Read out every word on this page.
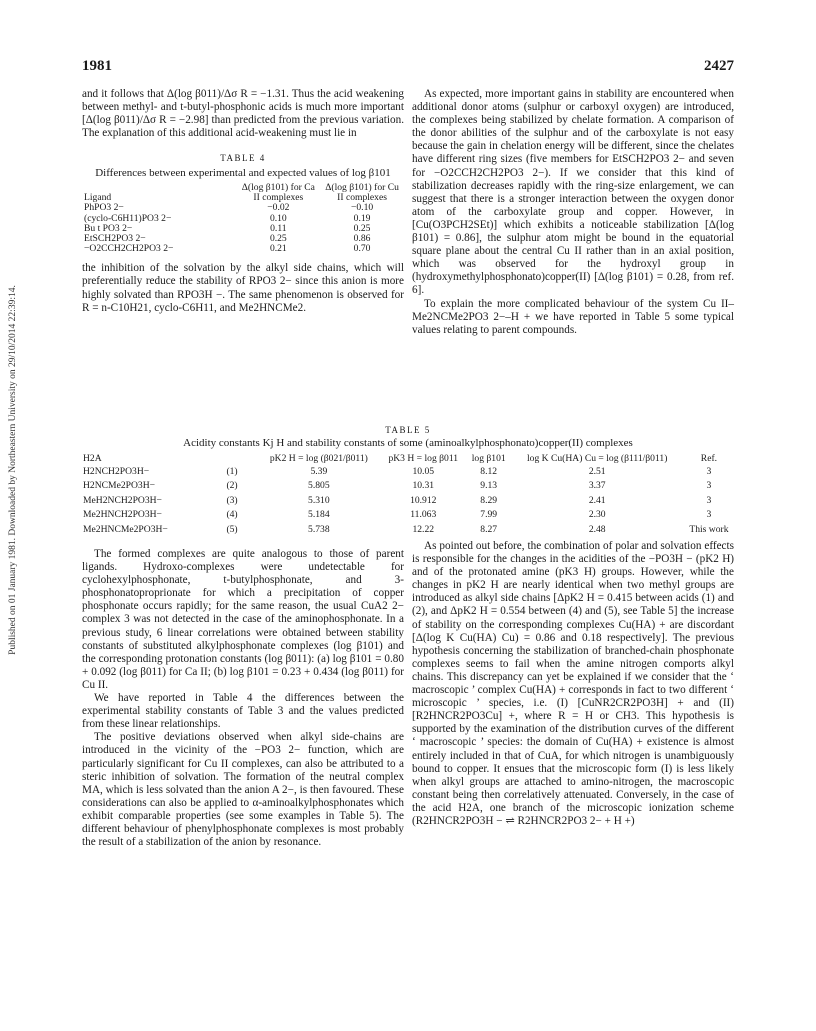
Published on 01 January 1981. Downloaded by Northeastern University on 29/10/2014 22:39:14.
1981	2427

and it follows that Δ(log β011)/Δσ R = −1.31. Thus the acid weakening between methyl- and t-butyl-phosphonic acids is much more important [Δ(log β011)/Δσ R = −2.98] than predicted from the previous variation. The explanation of this additional acid-weakening must lie in

TABLE 4
Differences between experimental and expected values of log β101
Ligand	Δ(log β101) for Ca II complexes	Δ(log β101) for Cu II complexes
PhPO3 2−	−0.02	−0.10
(cyclo-C6H11)PO3 2−	0.10	0.19
Bu t PO3 2−	0.11	0.25
EtSCH2PO3 2−	0.25	0.86
−O2CCH2CH2PO3 2−	0.21	0.70

the inhibition of the solvation by the alkyl side chains, which will preferentially reduce the stability of RPO3 2− since this anion is more highly solvated than RPO3H −. The same phenomenon is observed for R = n-C10H21, cyclo-C6H11, and Me2HNCMe2.

As expected, more important gains in stability are encountered when additional donor atoms (sulphur or carboxyl oxygen) are introduced, the complexes being stabilized by chelate formation. A comparison of the donor abilities of the sulphur and of the carboxylate is not easy because the gain in chelation energy will be different, since the chelates have different ring sizes (five members for EtSCH2PO3 2− and seven for −O2CCH2CH2PO3 2−). If we consider that this kind of stabilization decreases rapidly with the ring-size enlargement, we can suggest that there is a stronger interaction between the oxygen donor atom of the carboxylate group and copper. However, in [Cu(O3PCH2SEt)] which exhibits a noticeable stabilization [Δ(log β101) = 0.86], the sulphur atom might be bound in the equatorial square plane about the central Cu II rather than in an axial position, which was observed for the hydroxyl group in (hydroxymethylphosphonato)copper(II) [Δ(log β101) = 0.28, from ref. 6].

To explain the more complicated behaviour of the system Cu II–Me2NCMe2PO3 2−–H + we have reported in Table 5 some typical values relating to parent compounds.

TABLE 5
Acidity constants Kj H and stability constants of some (aminoalkylphosphonato)copper(II) complexes
H2A		pK2 H = log (β021/β011)	pK3 H = log β011	log β101	log K Cu(HA) Cu = log (β111/β011)	Ref.
H2NCH2PO3H−	(1)	5.39	10.05	8.12	2.51	3
H2NCMe2PO3H−	(2)	5.805	10.31	9.13	3.37	3
MeH2NCH2PO3H−	(3)	5.310	10.912	8.29	2.41	3
Me2HNCH2PO3H−	(4)	5.184	11.063	7.99	2.30	3
Me2HNCMe2PO3H−	(5)	5.738	12.22	8.27	2.48	This work

The formed complexes are quite analogous to those of parent ligands. Hydroxo-complexes were undetectable for cyclohexylphosphonate, t-butylphosphonate, and 3-phosphonatoproprionate for which a precipitation of copper phosphonate occurs rapidly; for the same reason, the usual CuA2 2− complex 3 was not detected in the case of the aminophosphonate. In a previous study, 6 linear correlations were obtained between stability constants of substituted alkylphosphonate complexes (log β101) and the corresponding protonation constants (log β011): (a) log β101 = 0.80 + 0.092 (log β011) for Ca II; (b) log β101 = 0.23 + 0.434 (log β011) for Cu II.

We have reported in Table 4 the differences between the experimental stability constants of Table 3 and the values predicted from these linear relationships.

The positive deviations observed when alkyl side-chains are introduced in the vicinity of the −PO3 2− function, which are particularly significant for Cu II complexes, can also be attributed to a steric inhibition of solvation. The formation of the neutral complex MA, which is less solvated than the anion A 2−, is then favoured. These considerations can also be applied to α-aminoalkylphosphonates which exhibit comparable properties (see some examples in Table 5). The different behaviour of phenylphosphonate complexes is most probably the result of a stabilization of the anion by resonance.

As pointed out before, the combination of polar and solvation effects is responsible for the changes in the acidities of the −PO3H − (pK2 H) and of the protonated amine (pK3 H) groups. However, while the changes in pK2 H are nearly identical when two methyl groups are introduced as alkyl side chains [ΔpK2 H = 0.415 between acids (1) and (2), and ΔpK2 H = 0.554 between (4) and (5), see Table 5] the increase of stability on the corresponding complexes Cu(HA) + are discordant [Δ(log K Cu(HA) Cu) = 0.86 and 0.18 respectively]. The previous hypothesis concerning the stabilization of branched-chain phosphonate complexes seems to fail when the amine nitrogen comports alkyl chains. This discrepancy can yet be explained if we consider that the ‘ macroscopic ’ complex Cu(HA) + corresponds in fact to two different ‘ microscopic ’ species, i.e. (I) [CuNR2CR2PO3H] + and (II) [R2HNCR2PO3Cu] +, where R = H or CH3. This hypothesis is supported by the examination of the distribution curves of the different ‘ macroscopic ’ species: the domain of Cu(HA) + existence is almost entirely included in that of CuA, for which nitrogen is unambiguously bound to copper. It ensues that the microscopic form (I) is less likely when alkyl groups are attached to amino-nitrogen, the macroscopic constant being then correlatively attenuated. Conversely, in the case of the acid H2A, one branch of the microscopic ionization scheme (R2HNCR2PO3H − ⇌ R2HNCR2PO3 2− + H +)
